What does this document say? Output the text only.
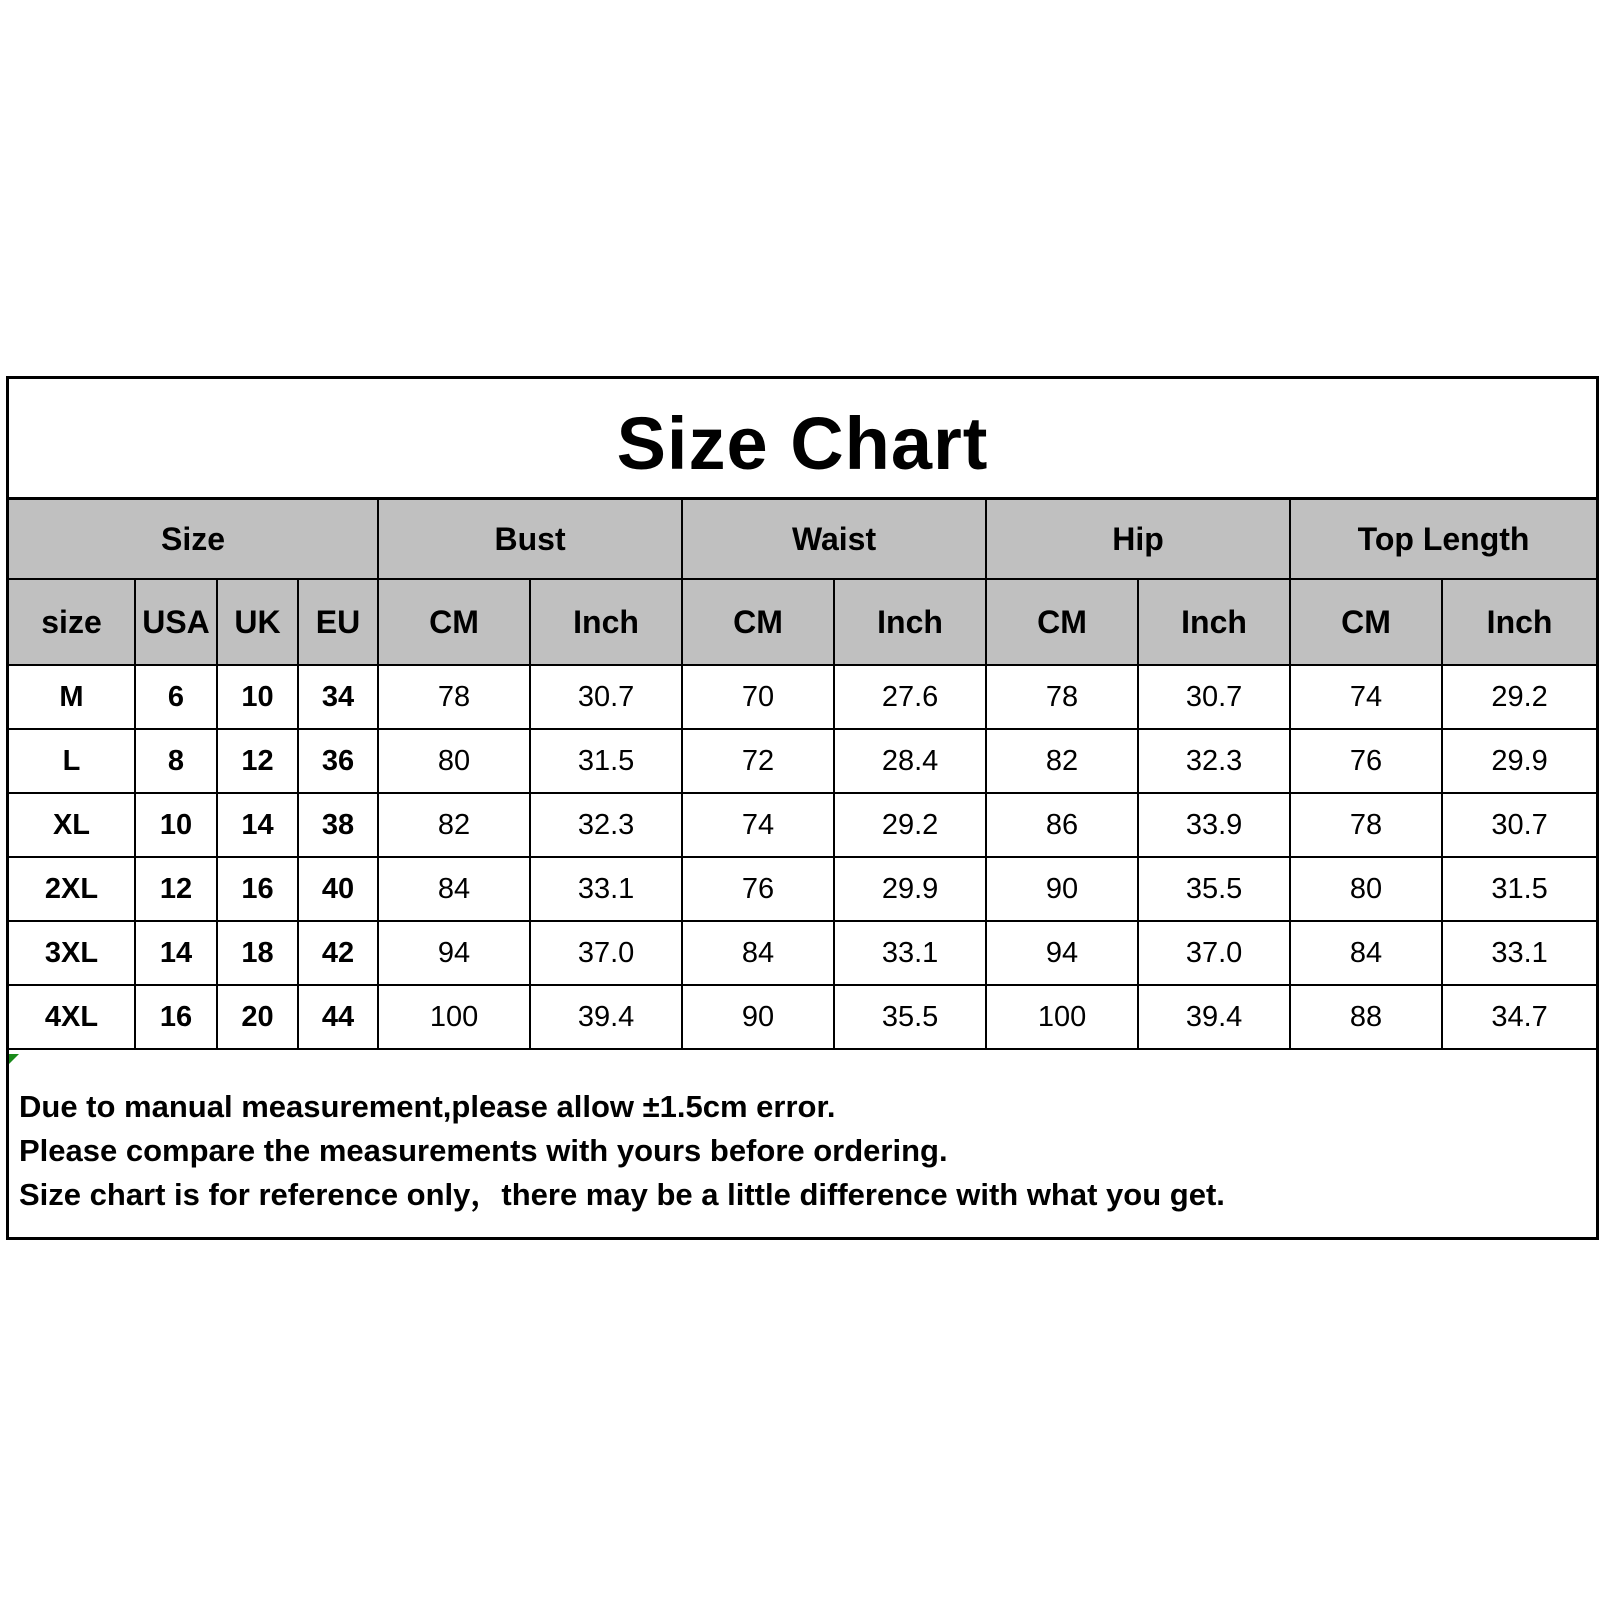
Size Chart
Size				Bust		Waist		Hip		Top Length	
size	USA	UK	EU	CM	Inch	CM	Inch	CM	Inch	CM	Inch
M	6	10	34	78	30.7	70	27.6	78	30.7	74	29.2
L	8	12	36	80	31.5	72	28.4	82	32.3	76	29.9
XL	10	14	38	82	32.3	74	29.2	86	33.9	78	30.7
2XL	12	16	40	84	33.1	76	29.9	90	35.5	80	31.5
3XL	14	18	42	94	37.0	84	33.1	94	37.0	84	33.1
4XL	16	20	44	100	39.4	90	35.5	100	39.4	88	34.7
Due to manual measurement,please allow ±1.5cm error.
Please compare the measurements with yours before ordering.
Size chart is for reference only，there may be a little difference with what you get.
